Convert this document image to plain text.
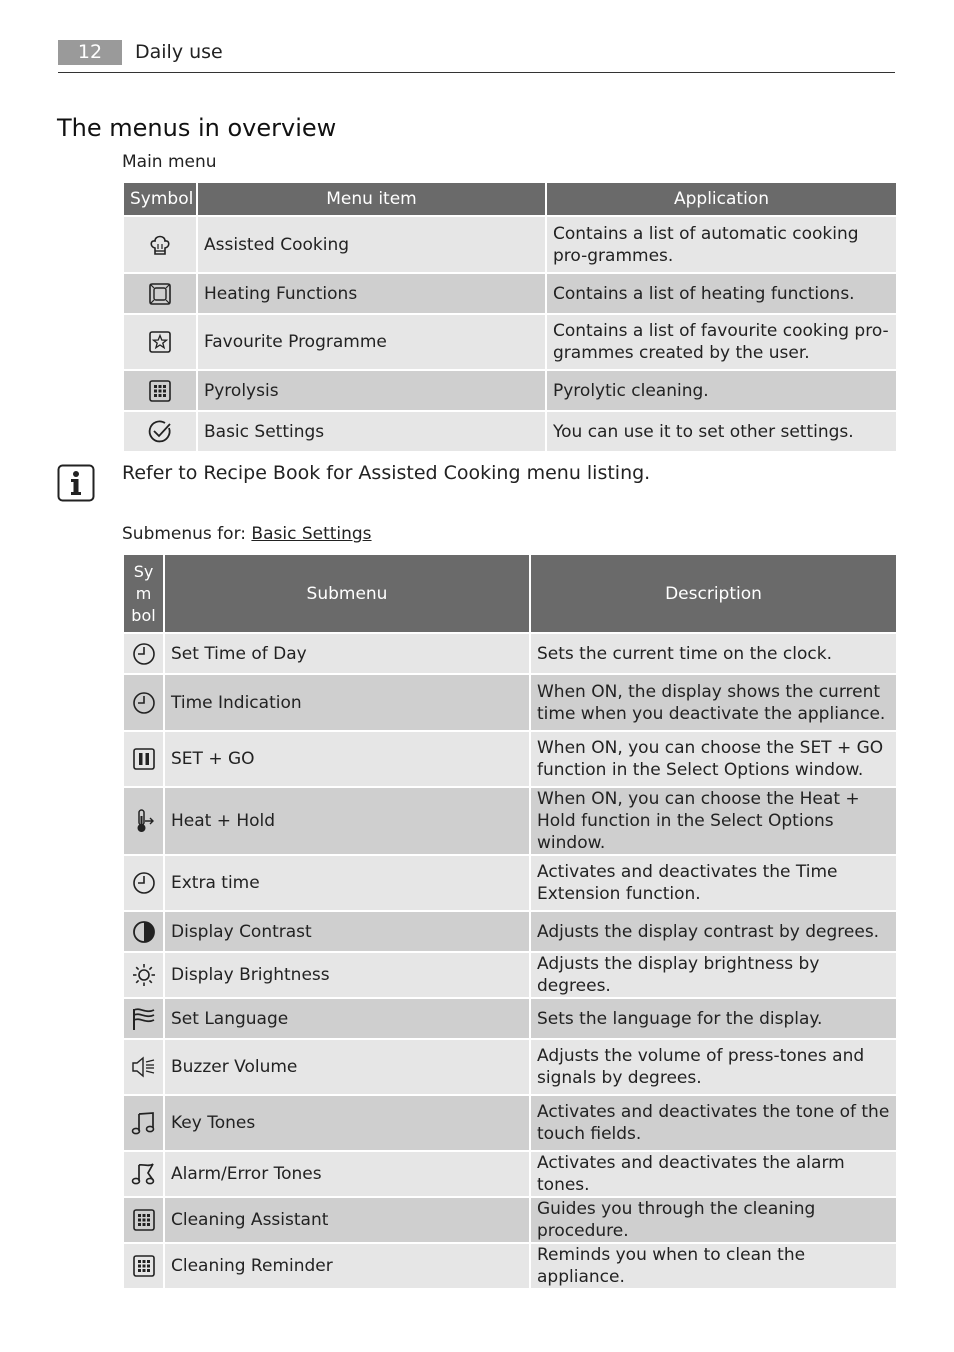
12	Daily use
The menus in overview
Main menu
Symbol	Menu item	Application

	Assisted Cooking	Contains a list of automatic cooking pro-grammes.

	Heating Functions	Contains a list of heating functions.

	Favourite Programme	Contains a list of favourite cooking pro-grammes created by the user.

	Pyrolysis	Pyrolytic cleaning.

	Basic Settings	You can use it to set other settings.
Refer to Recipe Book for Assisted Cooking menu listing.
Submenus for: Basic Settings
Sy m bol	Submenu	Description

	Set Time of Day	Sets the current time on the clock.

	Time Indication	When ON, the display shows the current time when you deactivate the appliance.

	SET + GO	When ON, you can choose the SET + GO function in the Select Options window.

	Heat + Hold	When ON, you can choose the Heat + Hold function in the Select Options window.

	Extra time	Activates and deactivates the Time Extension function.

	Display Contrast	Adjusts the display contrast by degrees.

	Display Brightness	Adjusts the display brightness by degrees.

	Set Language	Sets the language for the display.

	Buzzer Volume	Adjusts the volume of press-tones and signals by degrees.

	Key Tones	Activates and deactivates the tone of the touch fields.

	Alarm/Error Tones	Activates and deactivates the alarm tones.

	Cleaning Assistant	Guides you through the cleaning procedure.

	Cleaning Reminder	Reminds you when to clean the appliance.
